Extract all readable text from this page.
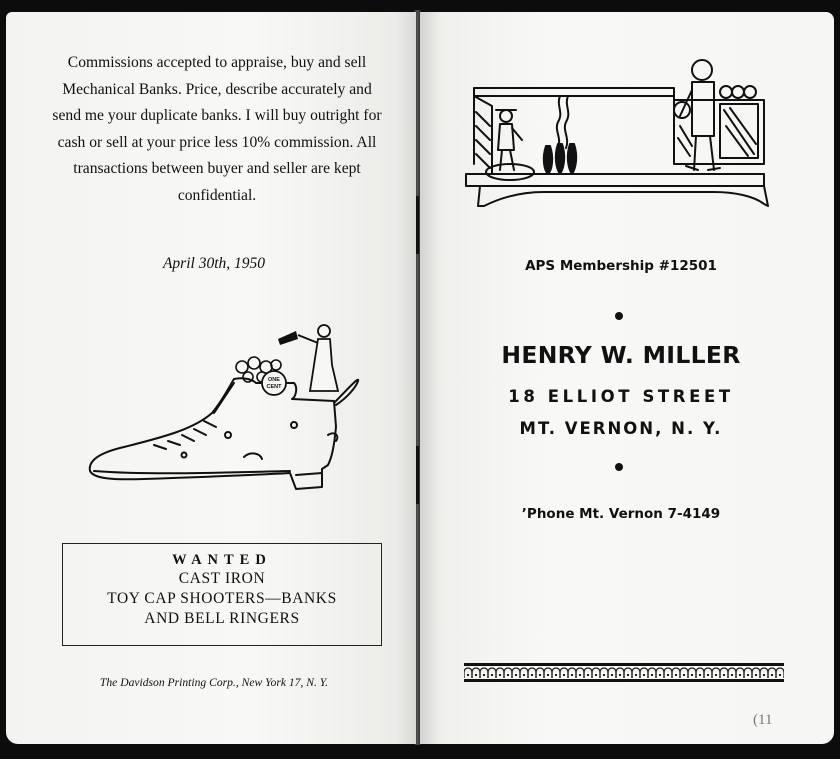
Commissions accepted to appraise, buy and sell Mechanical Banks. Price, describe accurately and send me your duplicate banks. I will buy outright for cash or sell at your price less 10% commission. All transactions between buyer and seller are kept confidential.
April 30th, 1950
ONE
CENT
WANTED
CAST IRON
TOY CAP SHOOTERS—BANKS
AND BELL RINGERS
The Davidson Printing Corp., New York 17, N. Y.
APS Membership #12501
HENRY W. MILLER
18 ELLIOT STREET
MT. VERNON, N. Y.
’Phone Mt. Vernon 7-4149
(11
